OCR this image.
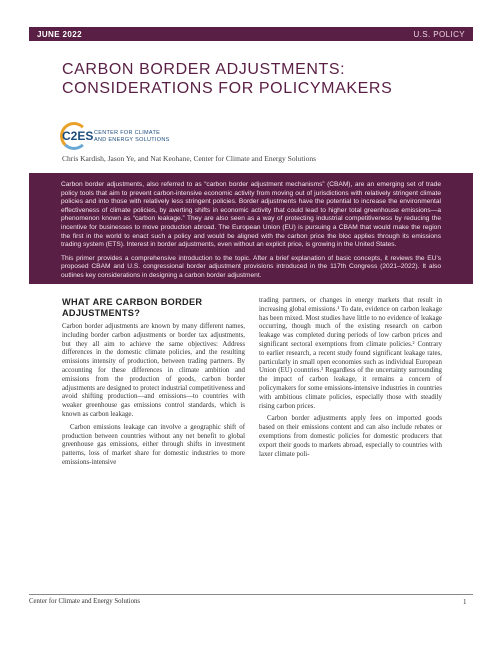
JUNE 2022	U.S. POLICY
CARBON BORDER ADJUSTMENTS:
CONSIDERATIONS FOR POLICYMAKERS
C2ES CENTER FOR CLIMATE
AND ENERGY SOLUTIONS
Chris Kardish, Jason Ye, and Nat Keohane, Center for Climate and Energy Solutions

Carbon border adjustments, also referred to as “carbon border adjustment mechanisms” (CBAM), are an emerging set of trade policy tools that aim to prevent carbon-intensive economic activity from moving out of jurisdictions with relatively stringent climate policies and into those with relatively less stringent policies. Border adjustments have the potential to increase the environmental effectiveness of climate policies, by averting shifts in economic activity that could lead to higher total greenhouse emissions—a phenomenon known as “carbon leakage.” They are also seen as a way of protecting industrial competitiveness by reducing the incentive for businesses to move production abroad. The European Union (EU) is pursuing a CBAM that would make the region the first in the world to enact such a policy and would be aligned with the carbon price the bloc applies through its emissions trading system (ETS). Interest in border adjustments, even without an explicit price, is growing in the United States.

This primer provides a comprehensive introduction to the topic. After a brief explanation of basic concepts, it reviews the EU’s proposed CBAM and U.S. congressional border adjustment provisions introduced in the 117th Congress (2021–2022). It also outlines key considerations in designing a carbon border adjustment.

WHAT ARE CARBON BORDER
ADJUSTMENTS?

Carbon border adjustments are known by many different names, including border carbon adjustments or border tax adjustments, but they all aim to achieve the same objectives: Address differences in the domestic climate policies, and the resulting emissions intensity of production, between trading partners. By accounting for these differences in climate ambition and emissions from the production of goods, carbon border adjustments are designed to protect industrial competitiveness and avoid shifting production—and emissions—to countries with weaker greenhouse gas emissions control standards, which is known as carbon leakage.

Carbon emissions leakage can involve a geographic shift of production between countries without any net benefit to global greenhouse gas emissions, either through shifts in investment patterns, loss of market share for domestic industries to more emissions-intensive

trading partners, or changes in energy markets that result in increasing global emissions.¹ To date, evidence on carbon leakage has been mixed. Most studies have little to no evidence of leakage occurring, though much of the existing research on carbon leakage was completed during periods of low carbon prices and significant sectoral exemptions from climate policies.² Contrary to earlier research, a recent study found significant leakage rates, particularly in small open economies such as individual European Union (EU) countries.³ Regardless of the uncertainty surrounding the impact of carbon leakage, it remains a concern of policymakers for some emissions-intensive industries in countries with ambitious climate policies, especially those with steadily rising carbon prices.

Carbon border adjustments apply fees on imported goods based on their emissions content and can also include rebates or exemptions from domestic policies for domestic producers that export their goods to markets abroad, especially to countries with laxer climate poli-

Center for Climate and Energy Solutions	1
